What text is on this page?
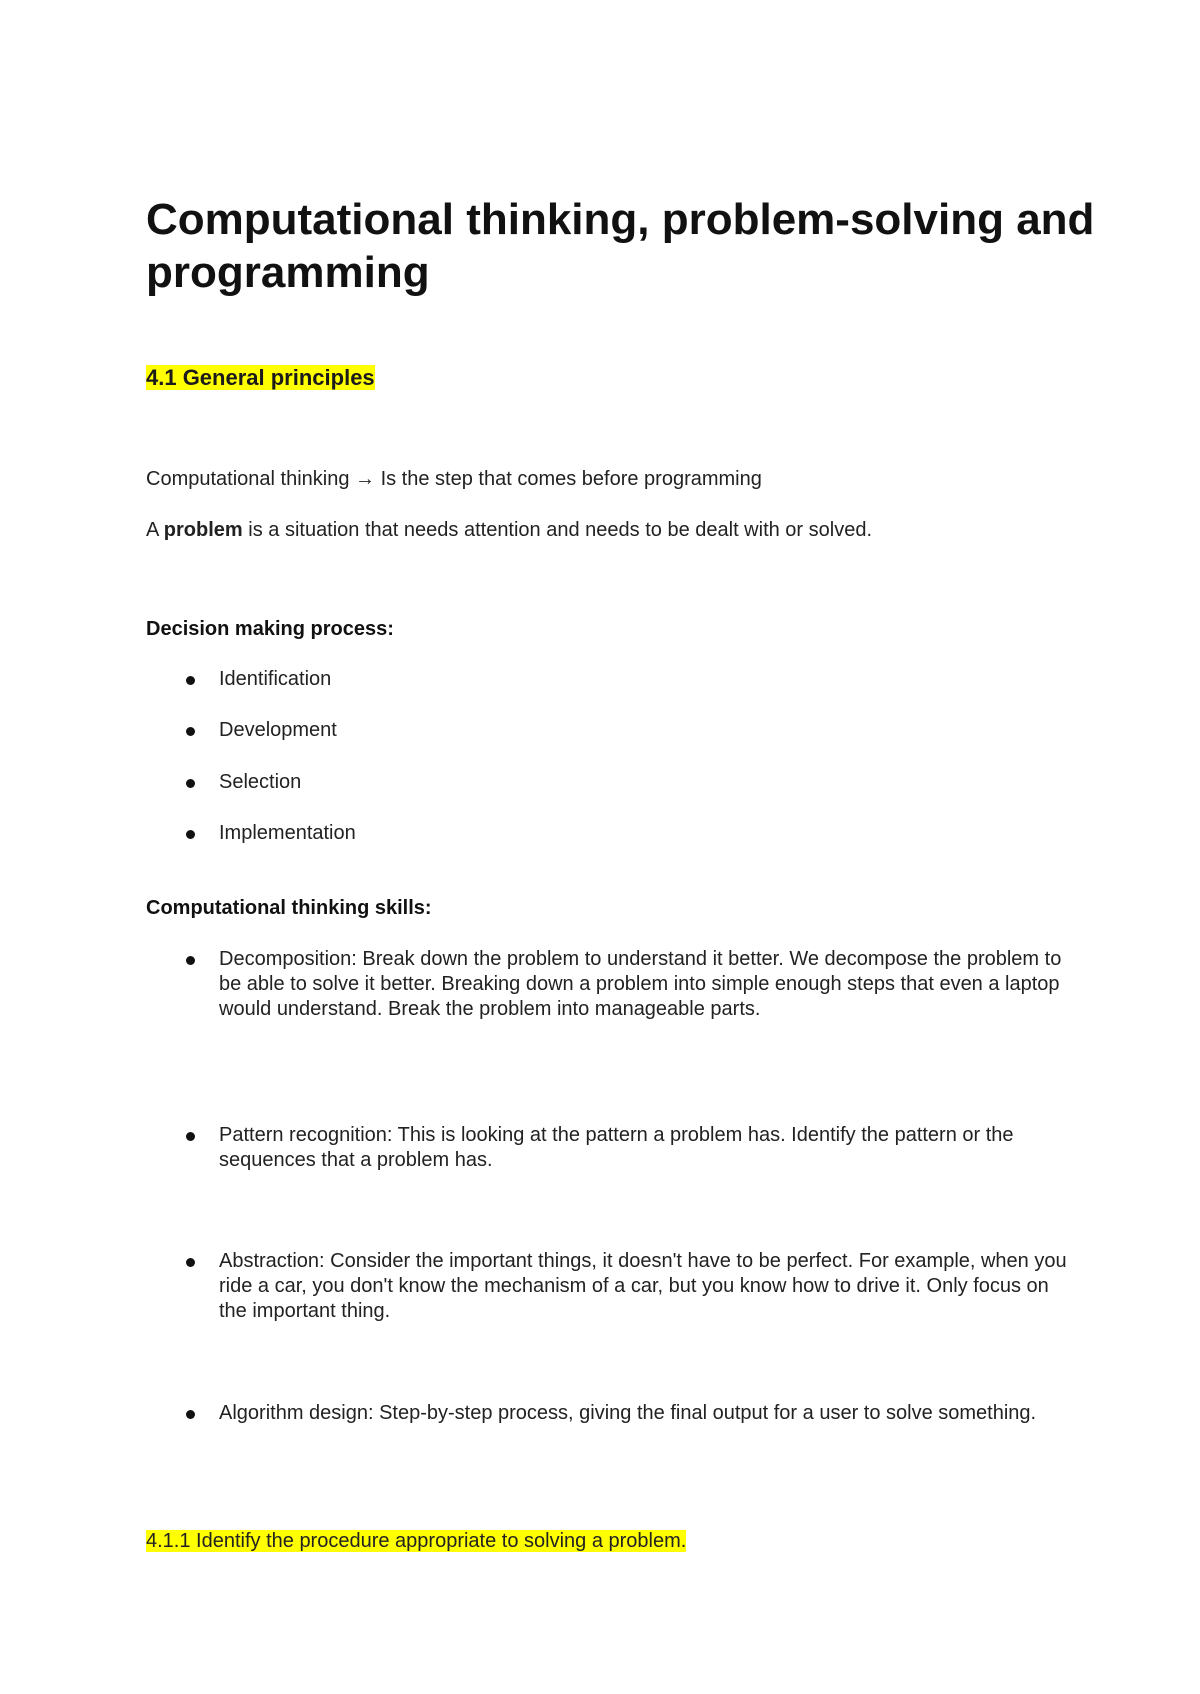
Computational thinking, problem-solving and programming
4.1 General principles

Computational thinking → Is the step that comes before programming

A problem is a situation that needs attention and needs to be dealt with or solved.

Decision making process:

Identification
Development
Selection
Implementation

Computational thinking skills:

Decomposition: Break down the problem to understand it better. We decompose the problem to be able to solve it better. Breaking down a problem into simple enough steps that even a laptop would understand. Break the problem into manageable parts.
Pattern recognition: This is looking at the pattern a problem has. Identify the pattern or the sequences that a problem has.
Abstraction: Consider the important things, it doesn't have to be perfect. For example, when you ride a car, you don't know the mechanism of a car, but you know how to drive it. Only focus on the important thing.
Algorithm design: Step-by-step process, giving the final output for a user to solve something.

4.1.1 Identify the procedure appropriate to solving a problem.
